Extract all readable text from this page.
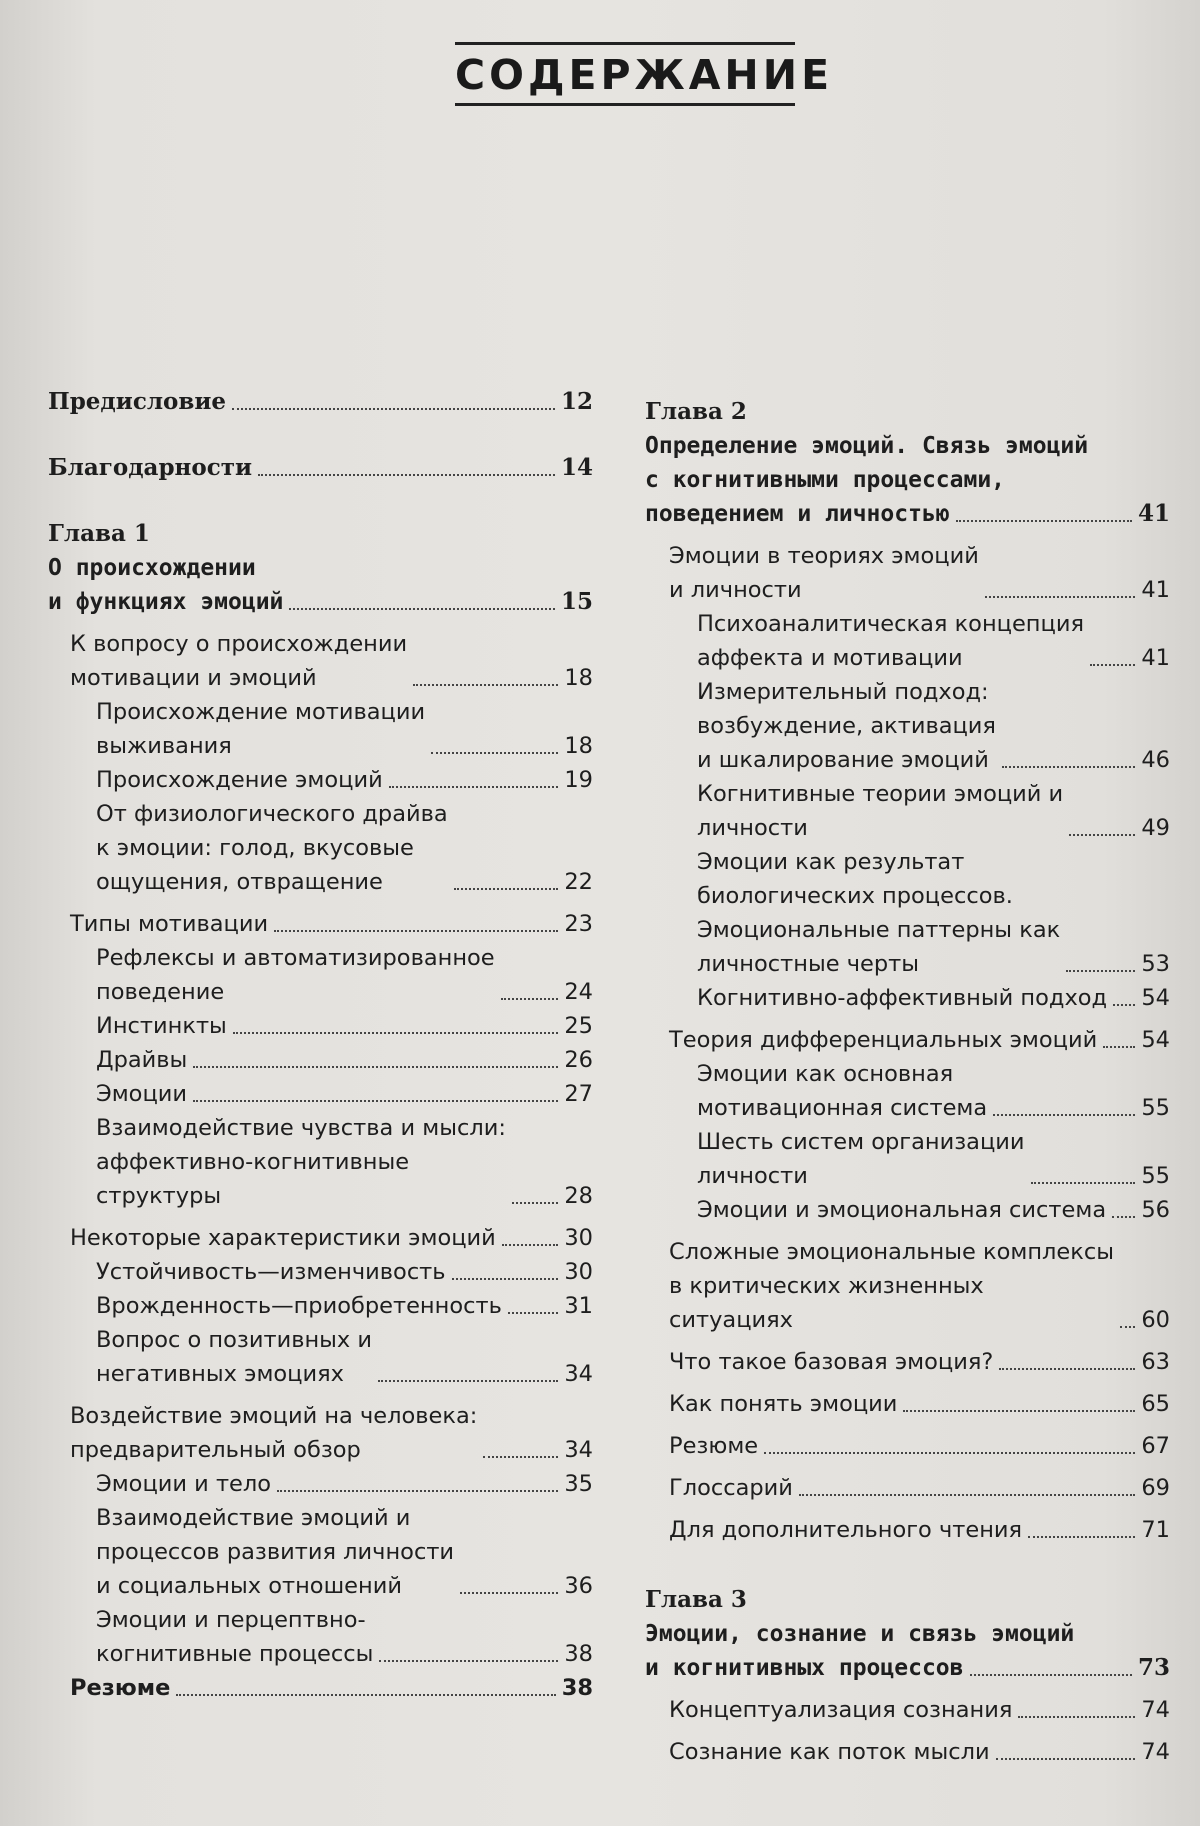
СОДЕРЖАНИЕ
Предисловие	12
Благодарности	14
Глава 1
О происхождении
и функциях эмоций	15
К вопросу о происхождении
мотивации и эмоций	18
Происхождение мотивации
выживания	18
Происхождение эмоций	19
От физиологического драйва
к эмоции: голод, вкусовые
ощущения, отвращение	22
Типы мотивации	23
Рефлексы и автоматизированное
поведение	24
Инстинкты	25
Драйвы	26
Эмоции	27
Взаимодействие чувства и мысли:
аффективно-когнитивные
структуры	28
Некоторые характеристики эмоций	30
Устойчивость—изменчивость	30
Врожденность—приобретенность	31
Вопрос о позитивных и
негативных эмоциях	34
Воздействие эмоций на человека:
предварительный обзор	34
Эмоции и тело	35
Взаимодействие эмоций и
процессов развития личности
и социальных отношений	36
Эмоции и перцептвно-
когнитивные процессы	38
Резюме	38
Глава 2
Определение эмоций. Связь эмоций
с когнитивными процессами,
поведением и личностью	41
Эмоции в теориях эмоций
и личности	41
Психоаналитическая концепция
аффекта и мотивации	41
Измерительный подход:
возбуждение, активация
и шкалирование эмоций	46
Когнитивные теории эмоций и
личности	49
Эмоции как результат
биологических процессов.
Эмоциональные паттерны как
личностные черты	53
Когнитивно-аффективный подход 54
Теория дифференциальных эмоций 54
Эмоции как основная
мотивационная система	55
Шесть систем организации
личности	55
Эмоции и эмоциональная система 56
Сложные эмоциональные комплексы
в критических жизненных
ситуациях	60
Что такое базовая эмоция?	63
Как понять эмоции	65
Резюме	67
Глоссарий	69
Для дополнительного чтения	71
Глава 3
Эмоции, сознание и связь эмоций
и когнитивных процессов	73
Концептуализация сознания	74
Сознание как поток мысли	74
